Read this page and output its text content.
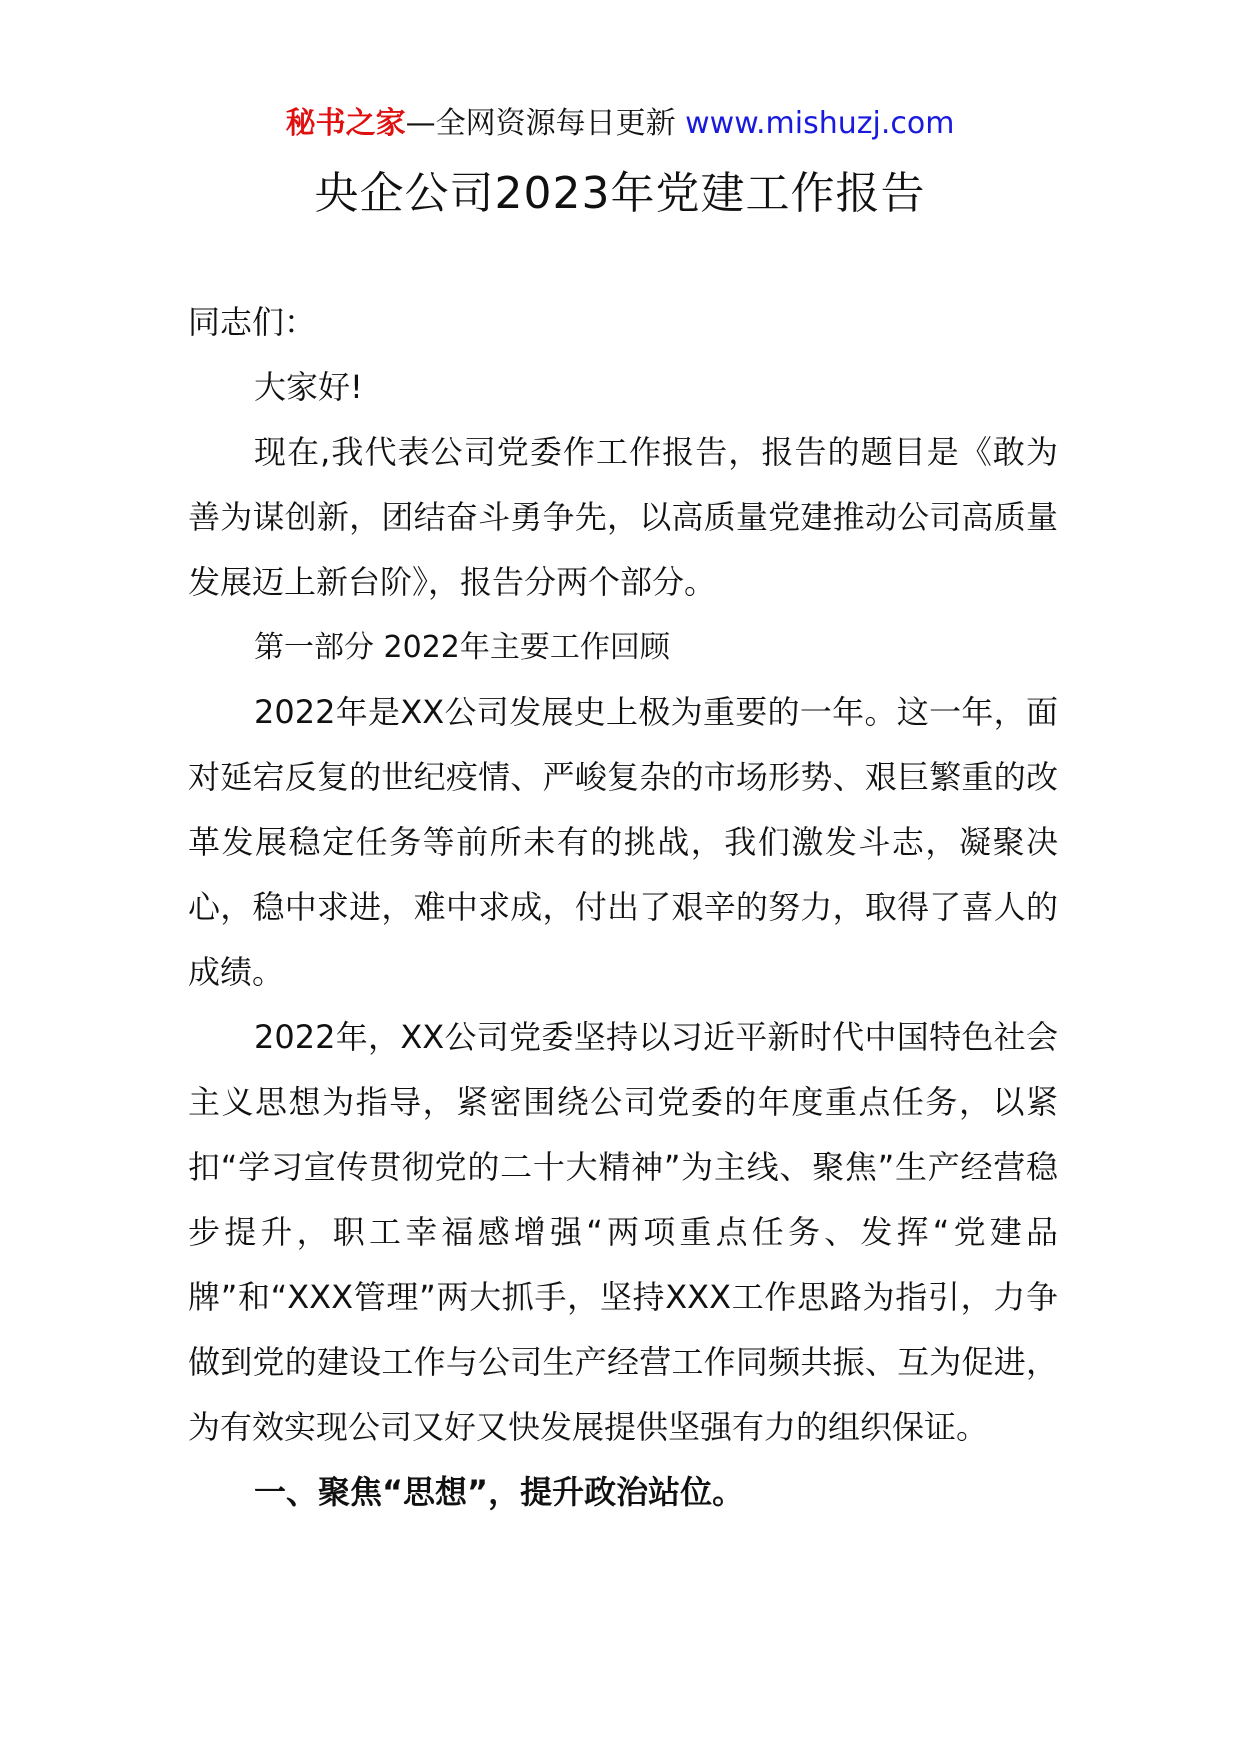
秘书之家—全网资源每日更新 www.mishuzj.com
央企公司2023年党建工作报告

同志们：

大家好!

现在,我代表公司党委作工作报告，报告的题目是《敢为善为谋创新，团结奋斗勇争先，以高质量党建推动公司高质量发展迈上新台阶》，报告分两个部分。

第一部分 2022年主要工作回顾

2022年是XX公司发展史上极为重要的一年。这一年，面对延宕反复的世纪疫情、严峻复杂的市场形势、艰巨繁重的改革发展稳定任务等前所未有的挑战，我们激发斗志，凝聚决心，稳中求进，难中求成，付出了艰辛的努力，取得了喜人的成绩。

2022年，XX公司党委坚持以习近平新时代中国特色社会主义思想为指导，紧密围绕公司党委的年度重点任务，以紧扣“学习宣传贯彻党的二十大精神”为主线、聚焦”生产经营稳步提升，职工幸福感增强“两项重点任务、发挥“党建品牌”和“XXX管理”两大抓手，坚持XXX工作思路为指引，力争做到党的建设工作与公司生产经营工作同频共振、互为促进，为有效实现公司又好又快发展提供坚强有力的组织保证。

一、聚焦“思想”，提升政治站位。
